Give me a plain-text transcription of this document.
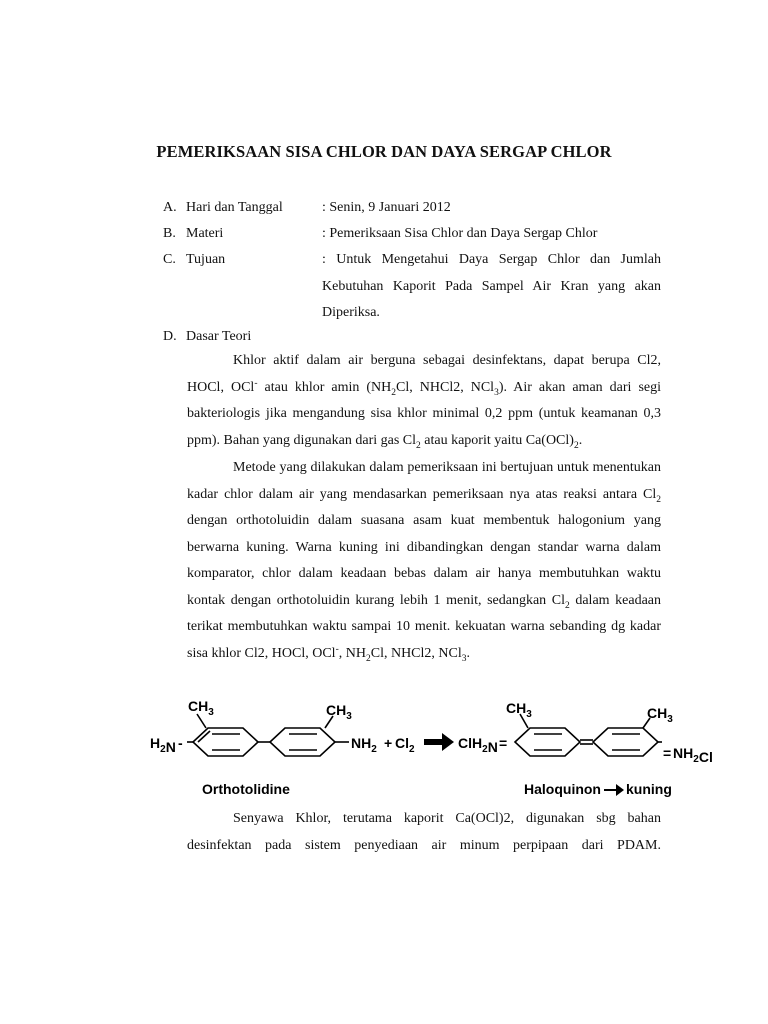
PEMERIKSAAN SISA CHLOR DAN DAYA SERGAP CHLOR
A. Hari dan Tanggal	: Senin, 9 Januari 2012
B. Materi	: Pemeriksaan Sisa Chlor dan Daya Sergap Chlor
C. Tujuan	: Untuk Mengetahui Daya Sergap Chlor dan Jumlah Kebutuhan Kaporit Pada Sampel Air Kran yang akan Diperiksa.
D. Dasar Teori
Khlor aktif dalam air berguna sebagai desinfektans, dapat berupa Cl2, HOCl, OCl- atau khlor amin ($NH_2Cl$, NHCl2, NCl$_3$). Air akan aman dari segi bakteriologis jika mengandung sisa khlor minimal 0,2 ppm (untuk keamanan 0,3 ppm). Bahan yang digunakan dari gas $Cl_2$ atau kaporit yaitu $Ca(OCl)_2$.
Metode yang dilakukan dalam pemeriksaan ini bertujuan untuk menentukan kadar chlor dalam air yang mendasarkan pemeriksaan nya atas reaksi antara $Cl_2$ dengan orthotoluidin dalam suasana asam kuat membentuk halogonium yang berwarna kuning. Warna kuning ini dibandingkan dengan standar warna dalam komparator, chlor dalam keadaan bebas dalam air hanya membutuhkan waktu kontak dengan orthotoluidin kurang lebih 1 menit, sedangkan $Cl_2$ dalam keadaan terikat membutuhkan waktu sampai 10 menit. kekuatan warna sebanding dg kadar sisa khlor Cl2, HOCl, OCl-, $NH_2Cl$, NHCl2, NCl$_3$.
$CH_3$	$CH_3$
$H_2N$ -	$NH_2 + Cl_2$	ClH$_2$N =
$CH_3$	$CH_3$
= $NH_2Cl$
Orthotolidine	Haloquinon kuning
Senyawa Khlor, terutama kaporit Ca(OCl)2, digunakan sbg bahan desinfektan pada sistem penyediaan air minum perpipaan dari PDAM.
